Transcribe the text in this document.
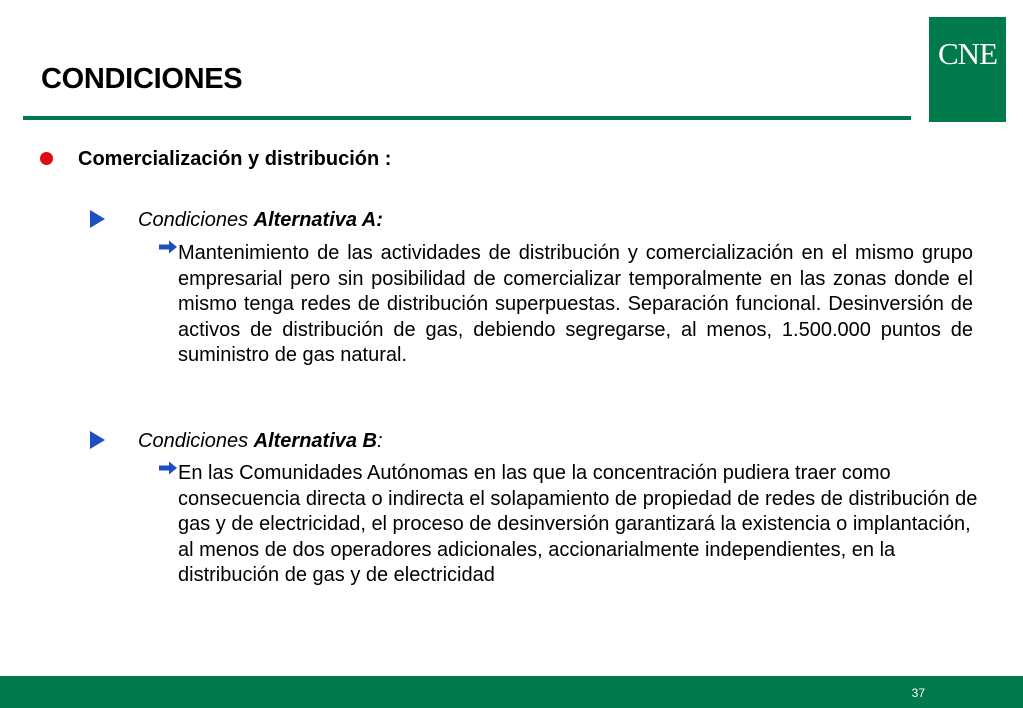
CONDICIONES
CNE
Comercialización y distribución :
Condiciones Alternativa A:
Mantenimiento de las actividades de distribución y comercialización en el mismo grupo empresarial pero sin posibilidad de comercializar temporalmente en las zonas donde el mismo tenga redes de distribución superpuestas. Separación funcional. Desinversión de activos de distribución de gas, debiendo segregarse, al menos, 1.500.000 puntos de suministro de gas natural.
Condiciones Alternativa B:
En las Comunidades Autónomas en las que la concentración pudiera traer como consecuencia directa o indirecta el solapamiento de propiedad de redes de distribución de gas y de electricidad, el proceso de desinversión garantizará la existencia o implantación, al menos de dos operadores adicionales, accionarialmente independientes, en la distribución de gas y de electricidad
37
